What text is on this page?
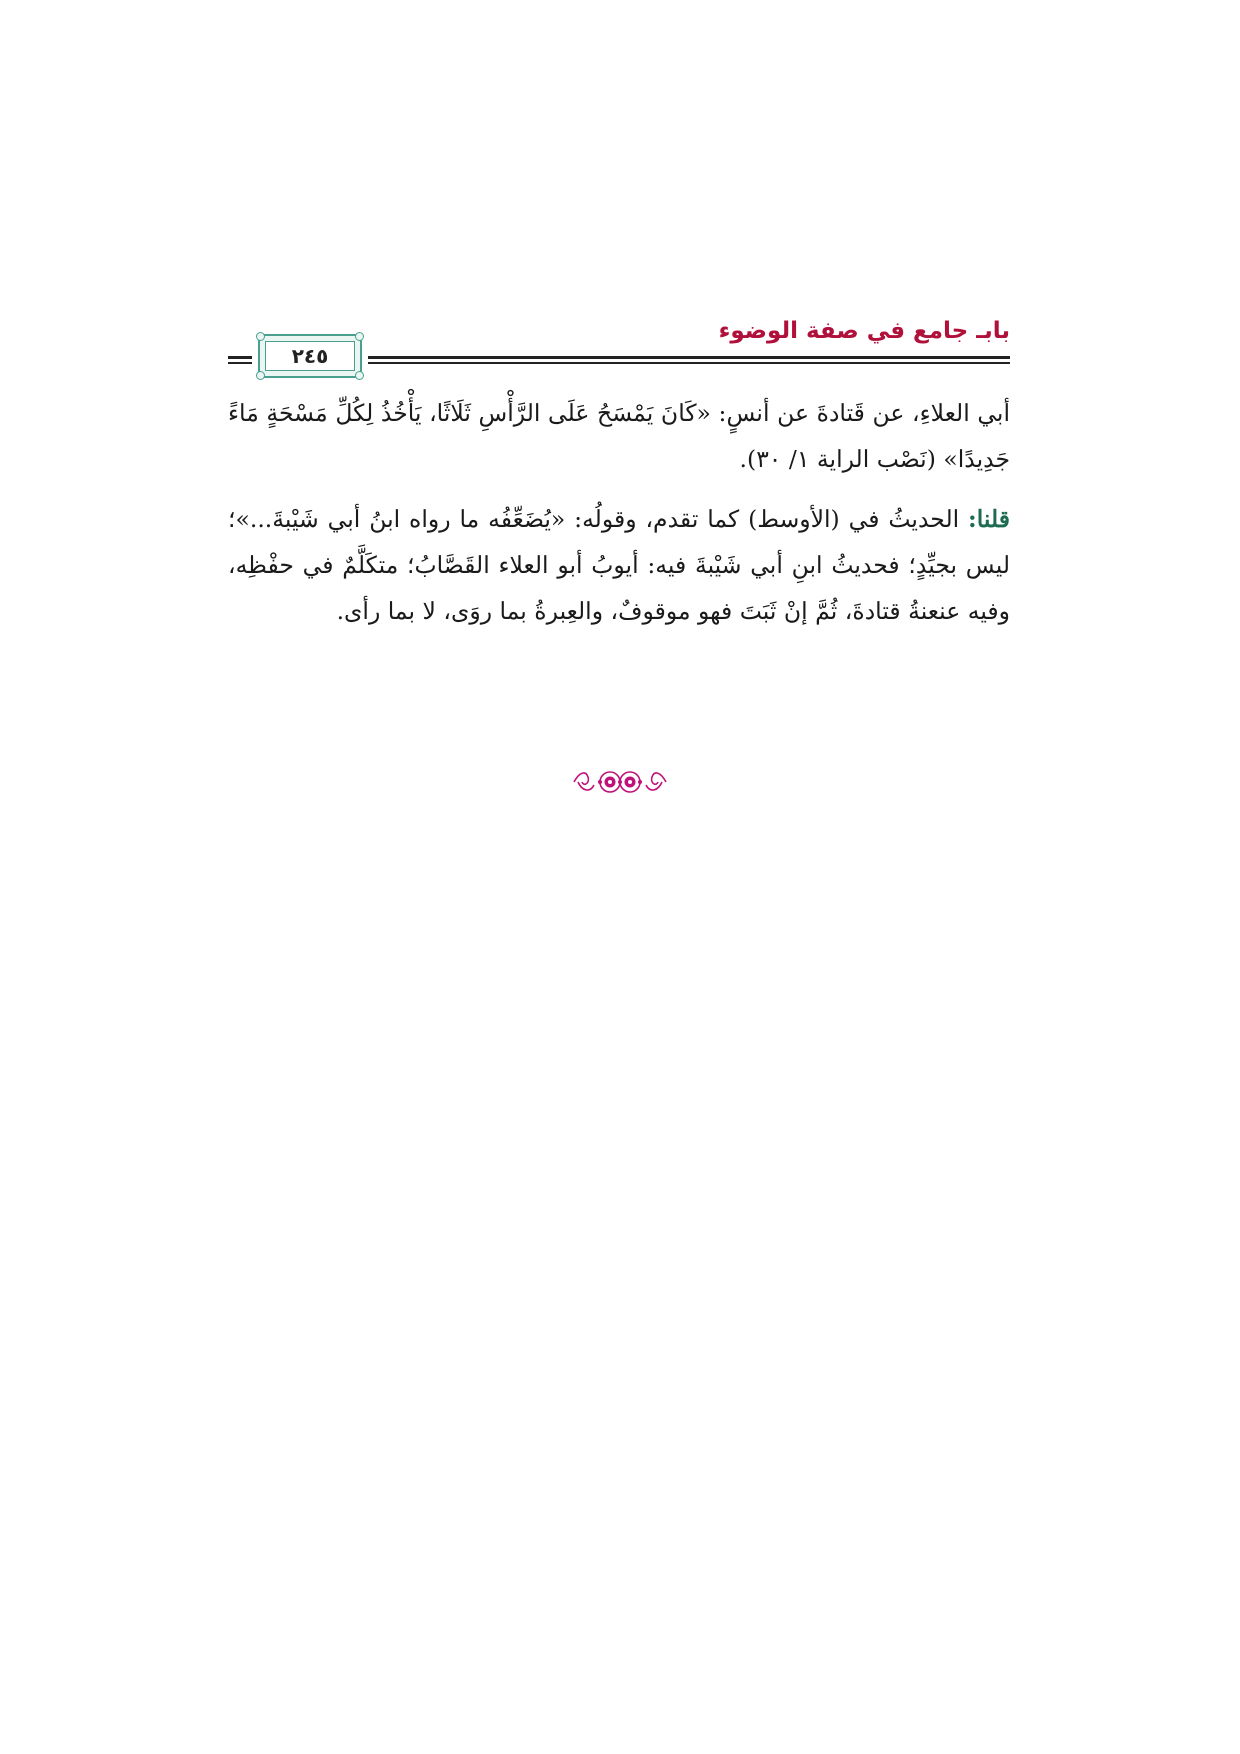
٢٤٥
بابـ جامع في صفة الوضوء

أبي العلاءِ، عن قَتادةَ عن أنسٍ: «كَانَ يَمْسَحُ عَلَى الرَّأْسِ ثَلَاثًا، يَأْخُذُ لِكُلِّ مَسْحَةٍ مَاءً جَدِيدًا» (نَصْب الراية ١/ ٣٠).

قلنا: الحديثُ في (الأوسط) كما تقدم، وقولُه: «يُضَعِّفُه ما رواه ابنُ أبي شَيْبةَ...»؛ ليس بجيِّدٍ؛ فحديثُ ابنِ أبي شَيْبةَ فيه: أيوبُ أبو العلاء القَصَّابُ؛ متكَلَّمٌ في حفْظِه، وفيه عنعنةُ قتادةَ، ثُمَّ إنْ ثَبَتَ فهو موقوفٌ، والعِبرةُ بما روَى، لا بما رأى.
